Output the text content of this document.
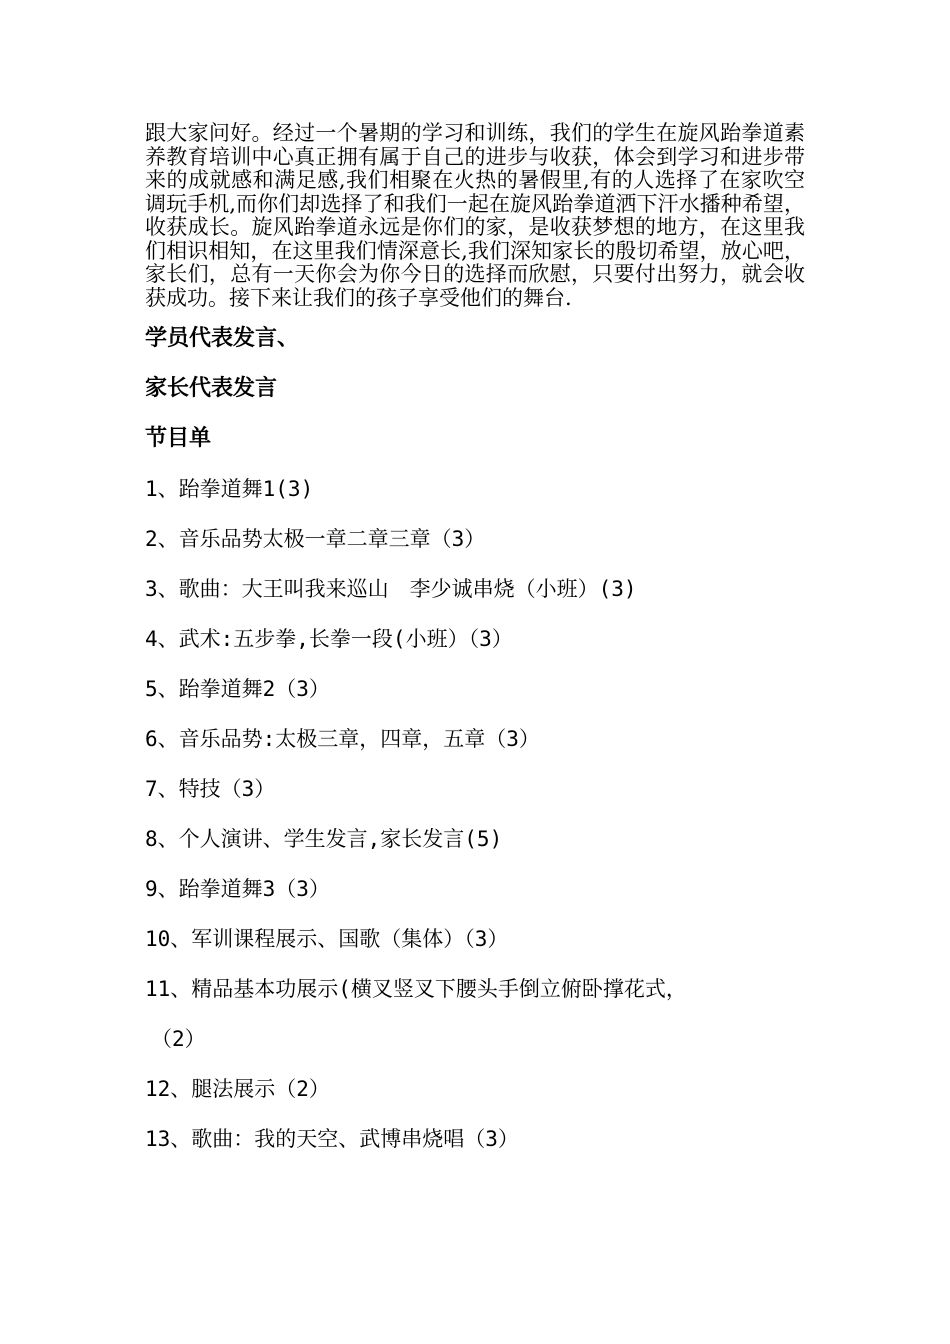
跟大家问好。经过一个暑期的学习和训练，我们的学生在旋风跆拳道素养教育培训中心真正拥有属于自己的进步与收获，体会到学习和进步带来的成就感和满足感,我们相聚在火热的暑假里,有的人选择了在家吹空调玩手机,而你们却选择了和我们一起在旋风跆拳道洒下汗水播种希望，收获成长。旋风跆拳道永远是你们的家，是收获梦想的地方，在这里我们相识相知，在这里我们情深意长,我们深知家长的殷切希望，放心吧，家长们，总有一天你会为你今日的选择而欣慰，只要付出努力，就会收获成功。接下来让我们的孩子享受他们的舞台.

学员代表发言、
家长代表发言
节目单
1、跆拳道舞1(3)
2、音乐品势太极一章二章三章（3）
3、歌曲：大王叫我来巡山　李少诚串烧（小班）(3)
4、武术:五步拳,长拳一段(小班）（3）
5、跆拳道舞2（3）
6、音乐品势:太极三章，四章，五章（3）
7、特技（3）
8、个人演讲、学生发言,家长发言(5)
9、跆拳道舞3（3）
10、军训课程展示、国歌（集体）（3）
11、精品基本功展示(横叉竖叉下腰头手倒立俯卧撑花式，
（2）
12、腿法展示（2）
13、歌曲：我的天空、武博串烧唱（3）
